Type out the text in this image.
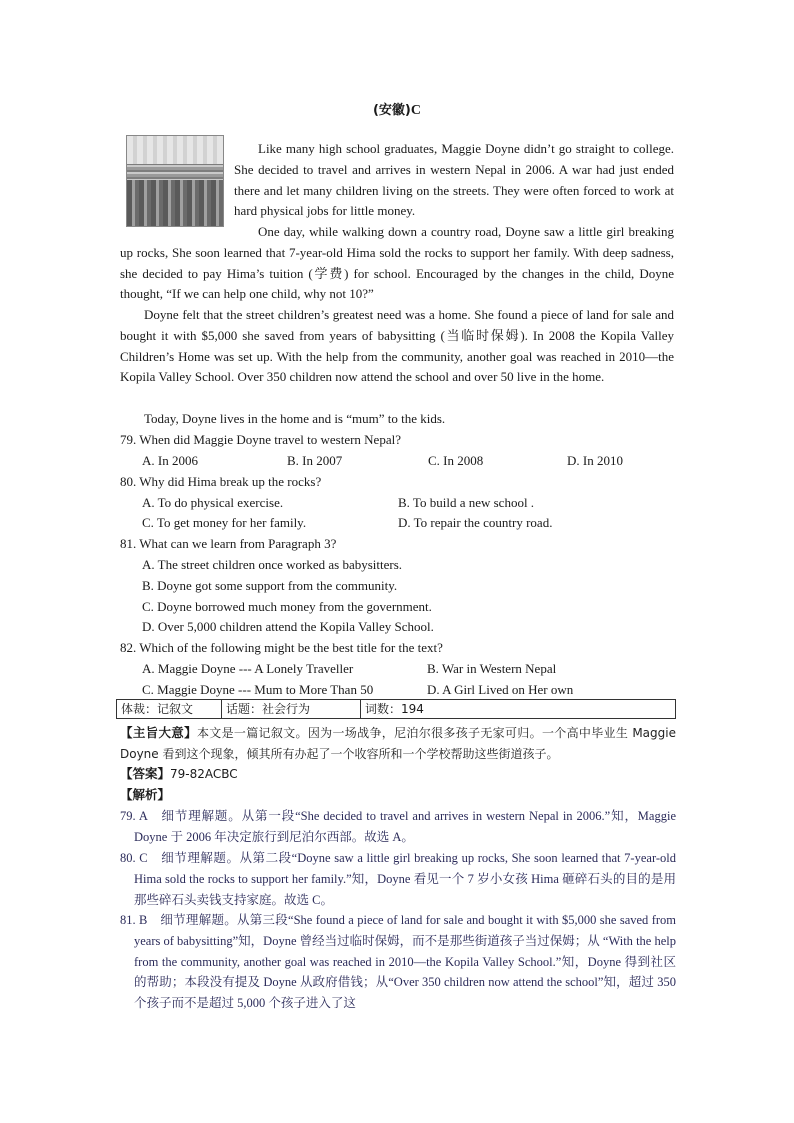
(安徽)C

Like many high school graduates, Maggie Doyne didn’t go straight to college. She decided to travel and arrives in western Nepal in 2006. A war had just ended there and let many children living on the streets. They were often forced to work at hard physical jobs for little money.

One day, while walking down a country road, Doyne saw a little girl breaking up rocks, She soon learned that 7-year-old Hima sold the rocks to support her family. With deep sadness, she decided to pay Hima’s tuition (学费) for school. Encouraged by the changes in the child, Doyne thought, “If we can help one child, why not 10?”

Doyne felt that the street children’s greatest need was a home. She found a piece of land for sale and bought it with $5,000 she saved from years of babysitting (当临时保姆). In 2008 the Kopila Valley Children’s Home was set up. With the help from the community, another goal was reached in 2010—the Kopila Valley School. Over 350 children now attend the school and over 50 live in the home.

Today, Doyne lives in the home and is “mum” to the kids.

79. When did Maggie Doyne travel to western Nepal?
A. In 2006	B. In 2007	C. In 2008	D. In 2010
80. Why did Hima break up the rocks?
A. To do physical exercise.	B. To build a new school .
C. To get money for her family.	D. To repair the country road.
81. What can we learn from Paragraph 3?
A. The street children once worked as babysitters.
B. Doyne got some support from the community.
C. Doyne borrowed much money from the government.
D. Over 5,000 children attend the Kopila Valley School.
82. Which of the following might be the best title for the text?
A. Maggie Doyne --- A Lonely Traveller	B. War in Western Nepal
C. Maggie Doyne --- Mum to More Than 50	D. A Girl Lived on Her own
体裁：记叙文	话题：社会行为	词数：194

【主旨大意】本文是一篇记叙文。因为一场战争，尼泊尔很多孩子无家可归。一个高中毕业生 Maggie Doyne 看到这个现象，倾其所有办起了一个收容所和一个学校帮助这些街道孩子。

【答案】79-82ACBC
【解析】

79. A　细节理解题。从第一段“She decided to travel and arrives in western Nepal in 2006.”知，Maggie Doyne 于 2006 年决定旅行到尼泊尔西部。故选 A。

80. C　细节理解题。从第二段“Doyne saw a little girl breaking up rocks, She soon learned that 7-year-old Hima sold the rocks to support her family.”知，Doyne 看见一个 7 岁小女孩 Hima 砸碎石头的目的是用那些碎石头卖钱支持家庭。故选 C。

81. B　细节理解题。从第三段“She found a piece of land for sale and bought it with $5,000 she saved from years of babysitting”知，Doyne 曾经当过临时保姆，而不是那些街道孩子当过保姆；从 “With the help from the community, another goal was reached in 2010—the Kopila Valley School.”知，Doyne 得到社区的帮助；本段没有提及 Doyne 从政府借钱；从“Over 350 children now attend the school”知，超过 350 个孩子而不是超过 5,000 个孩子进入了这
